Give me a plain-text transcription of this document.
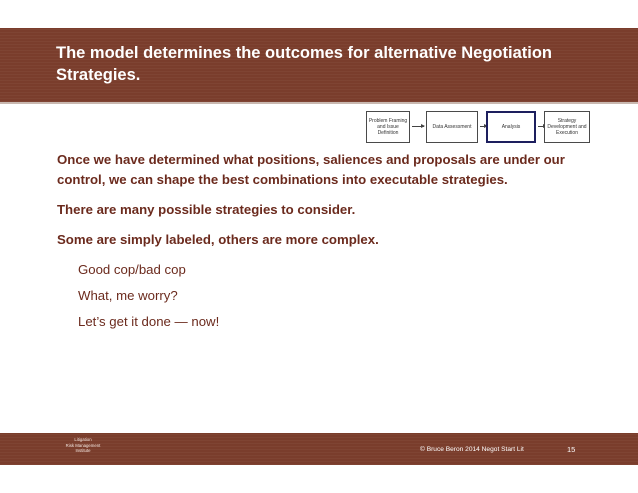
The model determines the outcomes for alternative Negotiation Strategies.
Problem Framing and Issue Definition
Data Assessment	Analysis
Strategy Development and Execution

Once we have determined what positions, saliences and proposals are under our control, we can shape the best combinations into executable strategies.

There are many possible strategies to consider.

Some are simply labeled, others are more complex.

Good cop/bad cop
What, me worry?
Let’s get it done — now!
Litigation
Risk Management
Institute	© Bruce Beron 2014 Negot Start Lit	15
